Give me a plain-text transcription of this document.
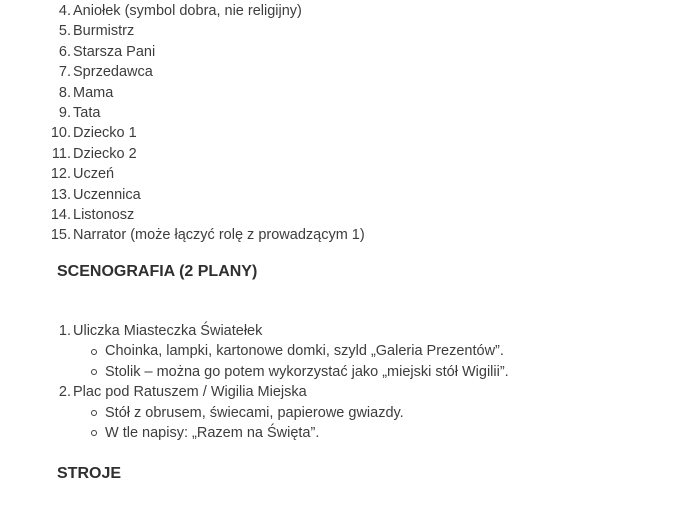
Aniołek (symbol dobra, nie religijny)
Burmistrz
Starsza Pani
Sprzedawca
Mama
Tata
Dziecko 1
Dziecko 2
Uczeń
Uczennica
Listonosz
Narrator (może łączyć rolę z prowadzącym 1)
SCENOGRAFIA (2 PLANY)
Uliczka Miasteczka Światełek
Choinka, lampki, kartonowe domki, szyld „Galeria Prezentów”.
Stolik – można go potem wykorzystać jako „miejski stół Wigilii”.
Plac pod Ratuszem / Wigilia Miejska
Stół z obrusem, świecami, papierowe gwiazdy.
W tle napisy: „Razem na Święta”.
STROJE
